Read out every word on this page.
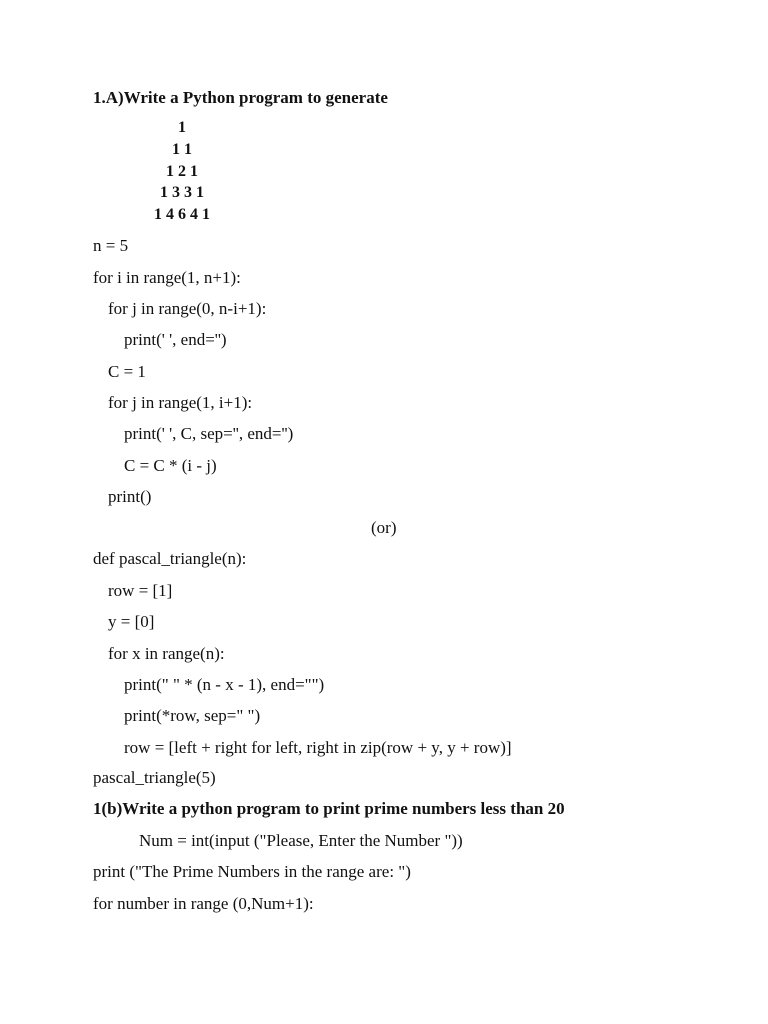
1.A)Write a Python program to generate
1
1 1
1 2 1
1 3 3 1
1 4 6 4 1
n = 5
for i in range(1, n+1):
for j in range(0, n-i+1):
print(' ', end='')
C = 1
for j in range(1, i+1):
print(' ', C, sep='', end='')
C = C * (i - j)
print()
(or)
def pascal_triangle(n):
row = [1]
y = [0]
for x in range(n):
print(" " * (n - x - 1), end="")
print(*row, sep=" ")
row = [left + right for left, right in zip(row + y, y + row)]
pascal_triangle(5)
1(b)Write a python program to print prime numbers less than 20
Num = int(input ("Please, Enter the Number "))
print ("The Prime Numbers in the range are: ")
for number in range (0,Num+1):
